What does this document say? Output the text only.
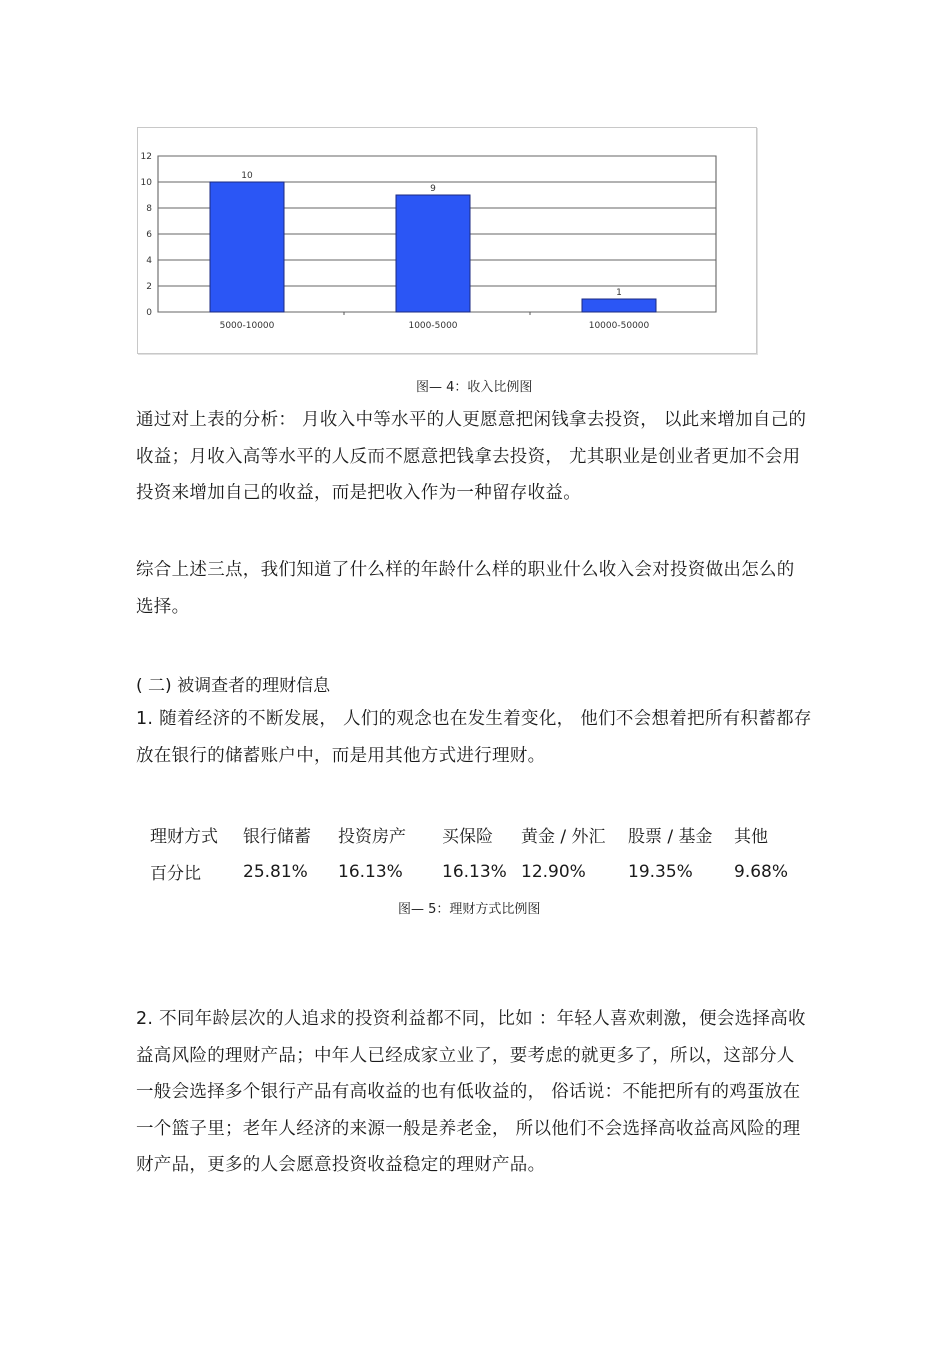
0
2
4
6
8
10
12
10
5000-10000
9
1000-5000
1
10000-50000
图— 4：收入比例图
通过对上表的分析： 月收入中等水平的人更愿意把闲钱拿去投资， 以此来增加自己的
收益；月收入高等水平的人反而不愿意把钱拿去投资， 尤其职业是创业者更加不会用
投资来增加自己的收益，而是把收入作为一种留存收益。
综合上述三点，我们知道了什么样的年龄什么样的职业什么收入会对投资做出怎么的
选择。
( 二) 被调查者的理财信息
1. 随着经济的不断发展， 人们的观念也在发生着变化， 他们不会想着把所有积蓄都存
放在银行的储蓄账户中，而是用其他方式进行理财。
理财方式	银行储蓄	投资房产	买保险	黄金 / 外汇	股票 / 基金	其他
百分比	25.81%	16.13%	16.13%	12.90%	19.35%	9.68%
图— 5：理财方式比例图
2. 不同年龄层次的人追求的投资利益都不同，比如 ：年轻人喜欢刺激，便会选择高收
益高风险的理财产品；中年人已经成家立业了，要考虑的就更多了，所以，这部分人
一般会选择多个银行产品有高收益的也有低收益的， 俗话说：不能把所有的鸡蛋放在
一个篮子里；老年人经济的来源一般是养老金， 所以他们不会选择高收益高风险的理
财产品，更多的人会愿意投资收益稳定的理财产品。
